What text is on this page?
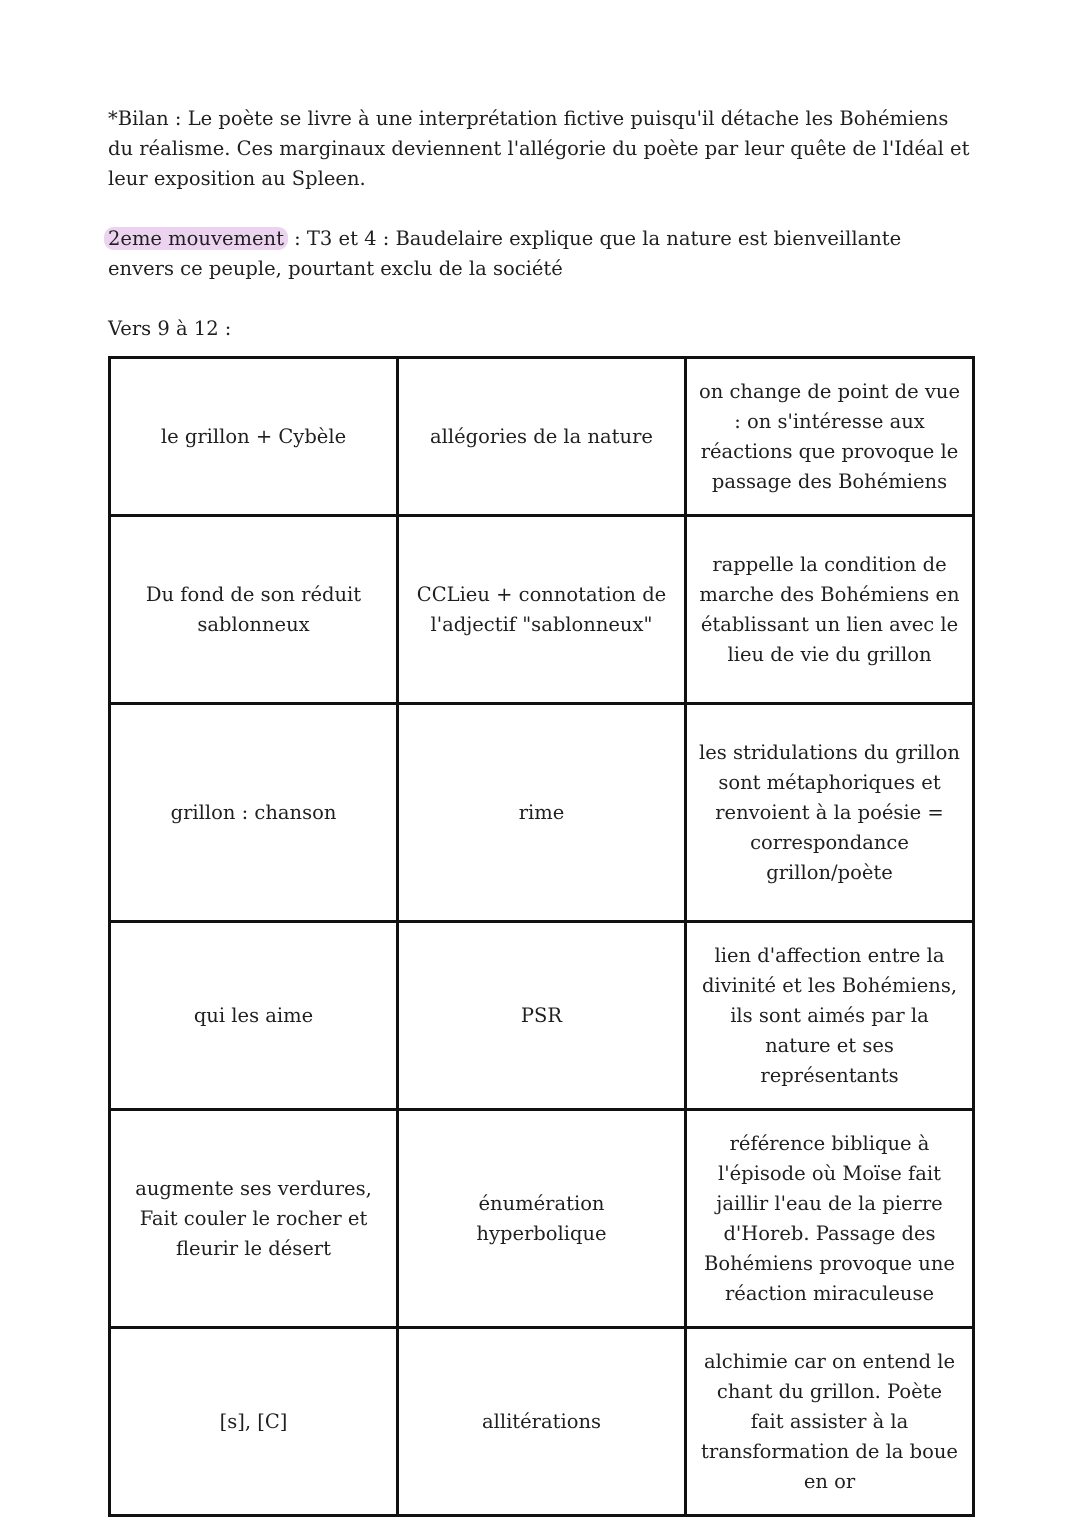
*Bilan : Le poète se livre à une interprétation fictive puisqu'il détache les Bohémiens du réalisme. Ces marginaux deviennent l'allégorie du poète par leur quête de l'Idéal et leur exposition au Spleen.

2eme mouvement : T3 et 4 : Baudelaire explique que la nature est bienveillante envers ce peuple, pourtant exclu de la société

Vers 9 à 12 :

le grillon + Cybèle	allégories de la nature	on change de point de vue : on s'intéresse aux réactions que provoque le passage des Bohémiens
Du fond de son réduit sablonneux	CCLieu + connotation de l'adjectif "sablonneux"	rappelle la condition de marche des Bohémiens en établissant un lien avec le lieu de vie du grillon
grillon : chanson	rime	les stridulations du grillon sont métaphoriques et renvoient à la poésie = correspondance grillon/poète
qui les aime	PSR	lien d'affection entre la divinité et les Bohémiens, ils sont aimés par la nature et ses représentants
augmente ses verdures, Fait couler le rocher et fleurir le désert	énumération hyperbolique	référence biblique à l'épisode où Moïse fait jaillir l'eau de la pierre d'Horeb. Passage des Bohémiens provoque une réaction miraculeuse
[s], [C]	allitérations	alchimie car on entend le chant du grillon. Poète fait assister à la transformation de la boue en or
